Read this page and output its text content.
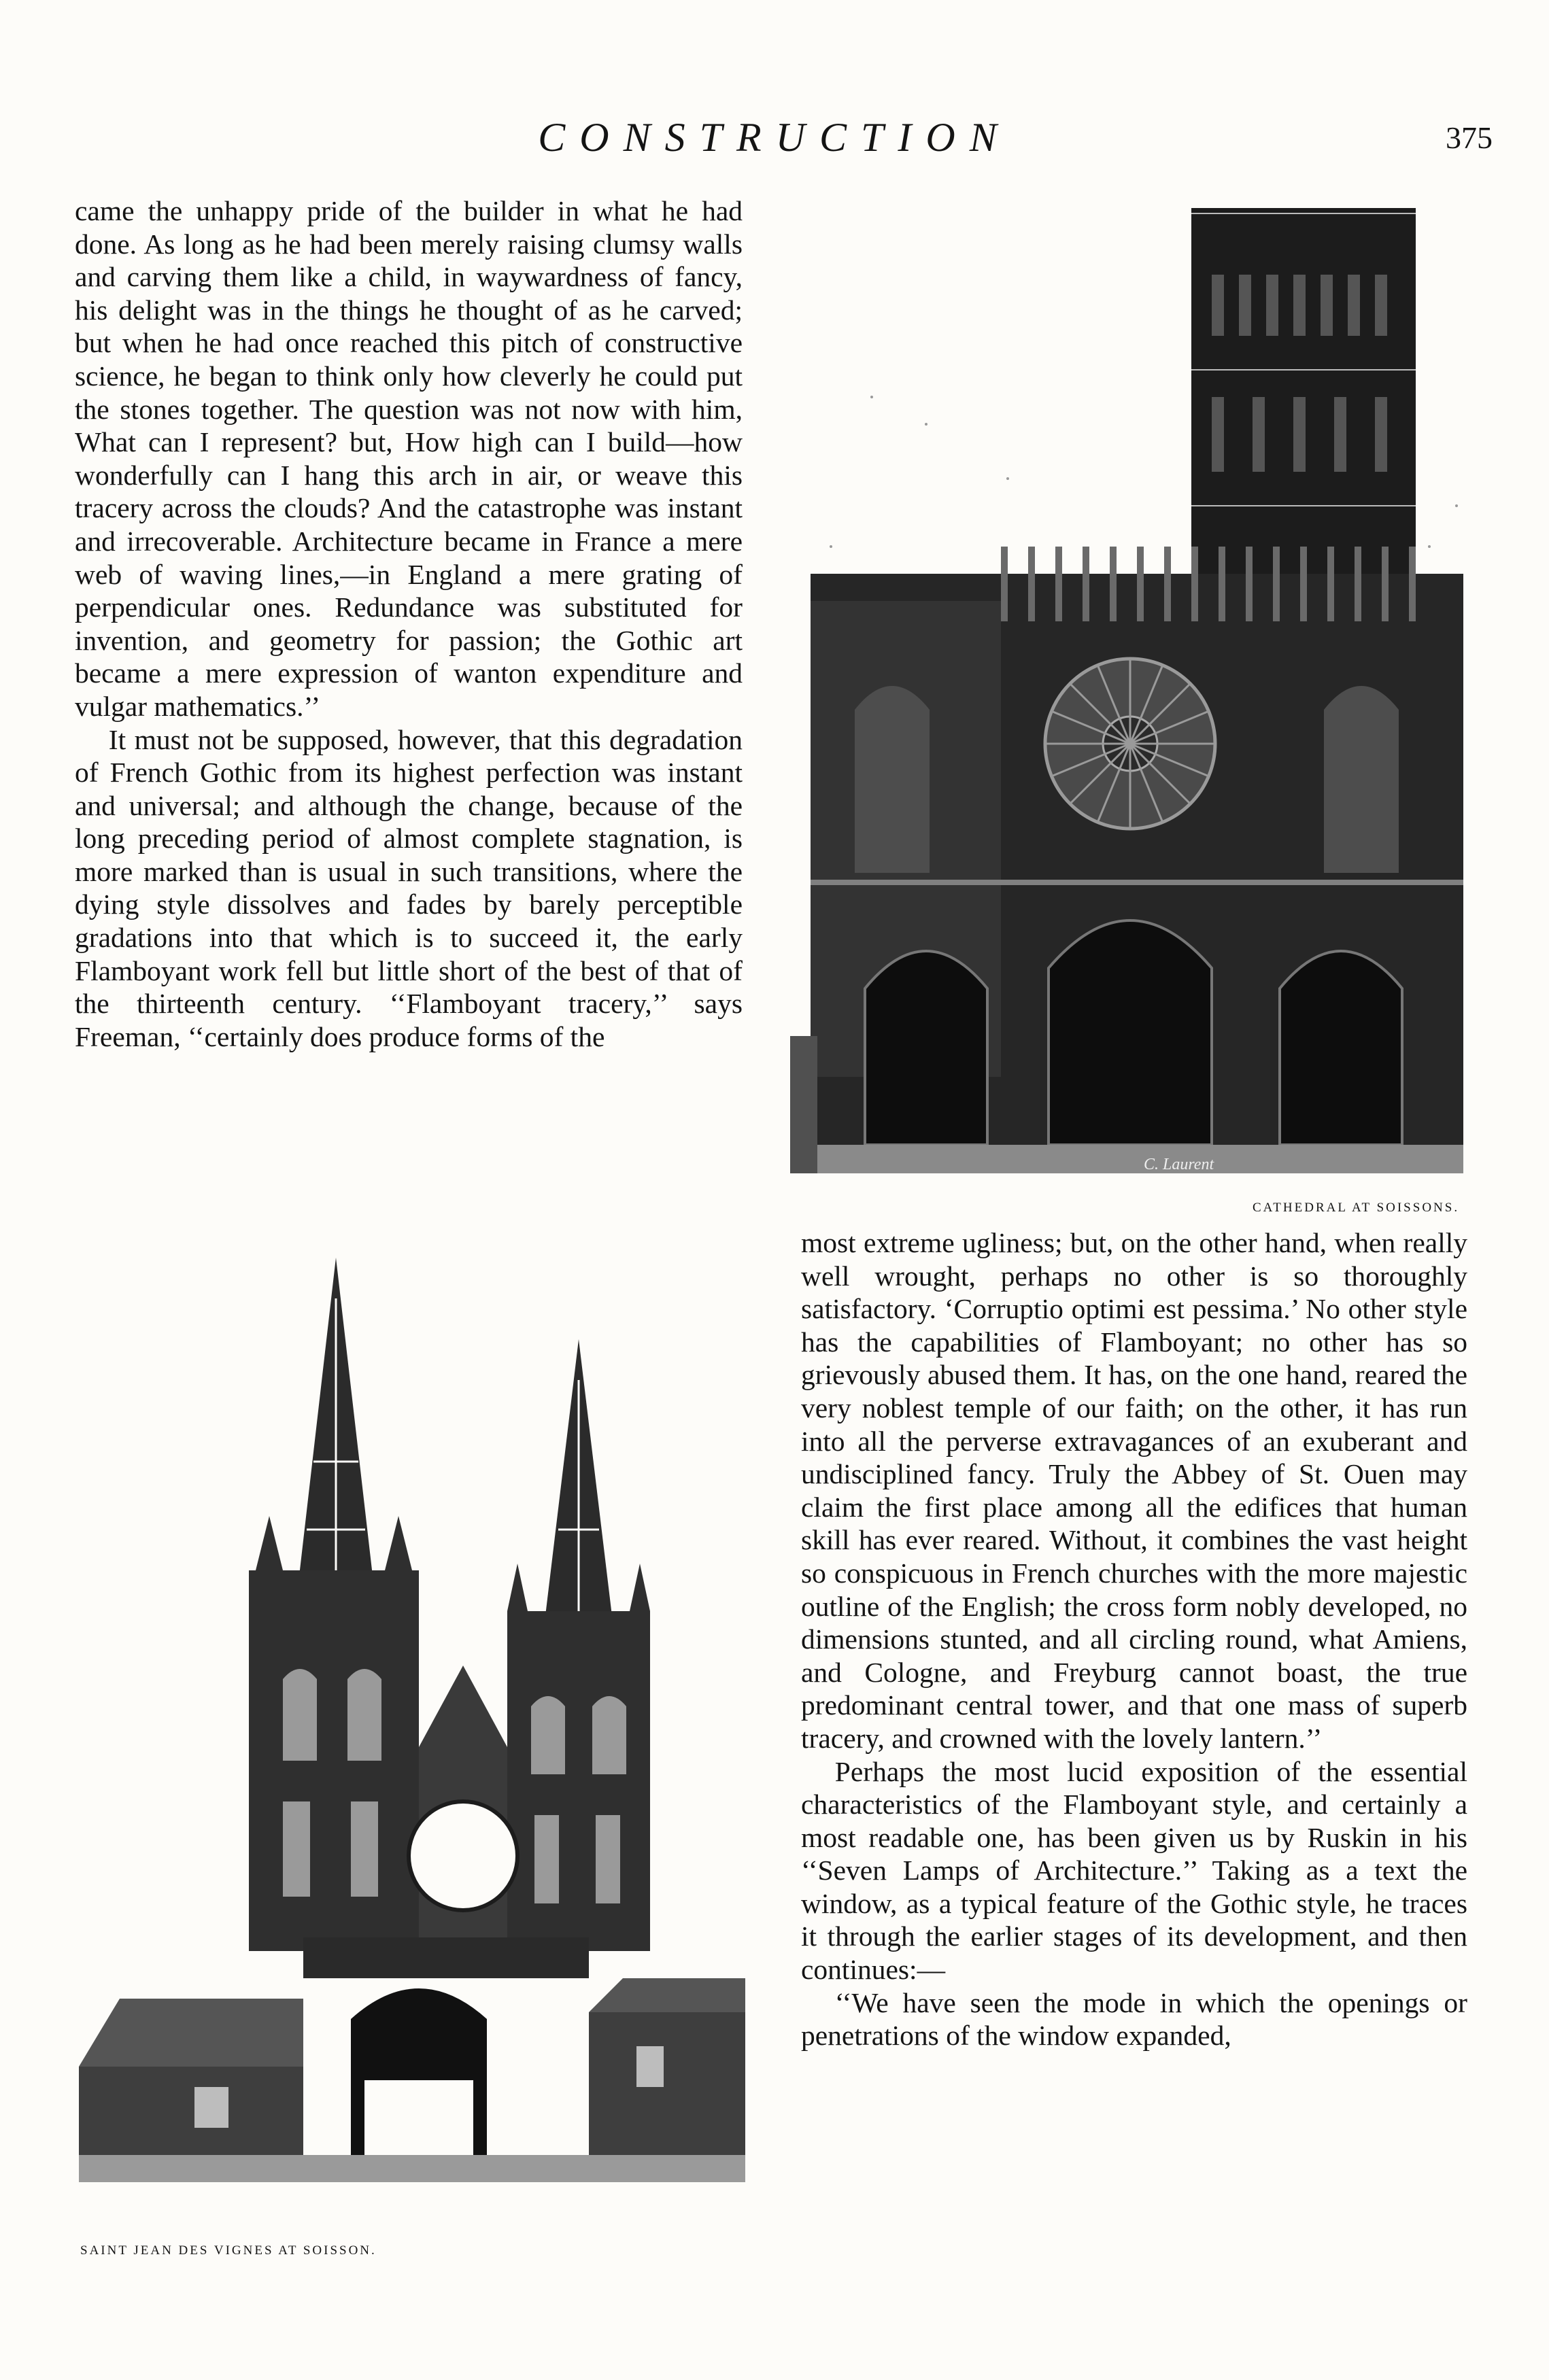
CONSTRUCTION	375

came the unhappy pride of the builder in what he had done. As long as he had been merely raising clumsy walls and carving them like a child, in waywardness of fancy, his delight was in the things he thought of as he carved; but when he had once reached this pitch of constructive science, he began to think only how cleverly he could put the stones together. The question was not now with him, What can I represent? but, How high can I build—how wonderfully can I hang this arch in air, or weave this tracery across the clouds? And the catastrophe was instant and irrecoverable. Architecture became in France a mere web of waving lines,—in England a mere grating of perpendicular ones. Redundance was substituted for invention, and geometry for passion; the Gothic art became a mere expression of wanton expenditure and vulgar mathematics.’’

It must not be supposed, however, that this degradation of French Gothic from its highest perfection was instant and universal; and although the change, because of the long preceding period of almost complete stagnation, is more marked than is usual in such transitions, where the dying style dissolves and fades by barely perceptible gradations into that which is to succeed it, the early Flamboyant work fell but little short of the best of that of the thirteenth century. ‘‘Flamboyant tracery,’’ says Freeman, ‘‘certainly does produce forms of the

C. Laurent
CATHEDRAL AT SOISSONS.
SAINT JEAN DES VIGNES AT SOISSON.

most extreme ugliness; but, on the other hand, when really well wrought, perhaps no other is so thoroughly satisfactory. ‘Corruptio optimi est pessima.’ No other style has the capabilities of Flamboyant; no other has so grievously abused them. It has, on the one hand, reared the very noblest temple of our faith; on the other, it has run into all the perverse extravagances of an exuberant and undisciplined fancy. Truly the Abbey of St. Ouen may claim the first place among all the edifices that human skill has ever reared. Without, it combines the vast height so conspicuous in French churches with the more majestic outline of the English; the cross form nobly developed, no dimensions stunted, and all circling round, what Amiens, and Cologne, and Freyburg cannot boast, the true predominant central tower, and that one mass of superb tracery, and crowned with the lovely lantern.’’

Perhaps the most lucid exposition of the essential characteristics of the Flamboyant style, and certainly a most readable one, has been given us by Ruskin in his ‘‘Seven Lamps of Architecture.’’ Taking as a text the window, as a typical feature of the Gothic style, he traces it through the earlier stages of its development, and then continues:—

‘‘We have seen the mode in which the openings or penetrations of the window expanded,
